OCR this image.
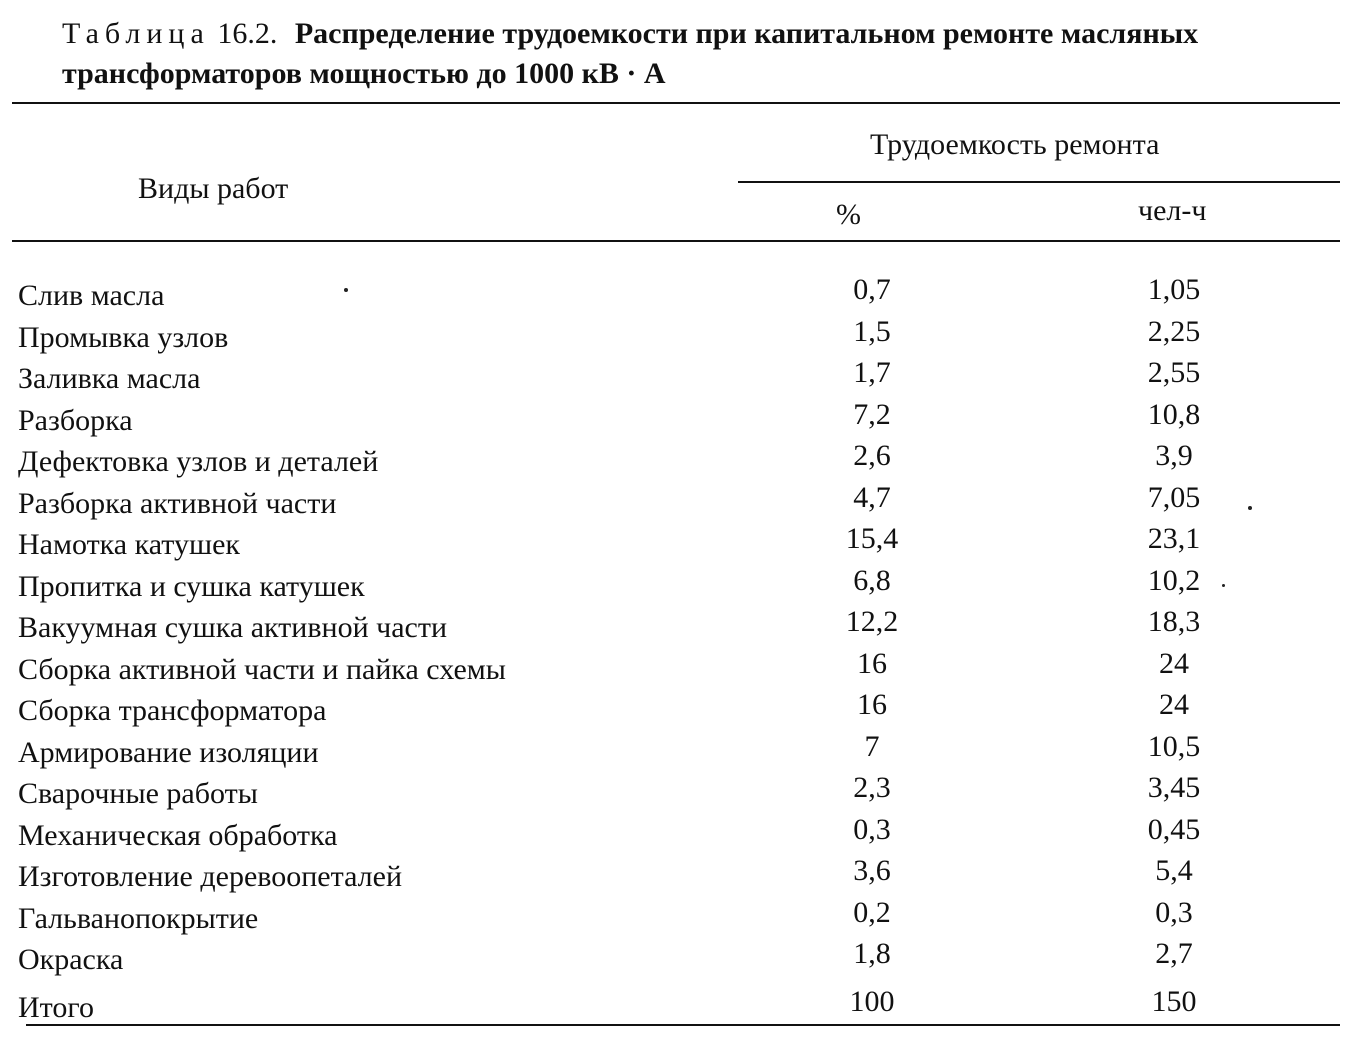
Таблица 16.2. Распределение трудоемкости при капитальном ремонте масляных трансформаторов мощностью до 1000 кВ · А
Виды работ
Трудоемкость ремонта
%	чел-ч
Слив масла	0,7	1,05
Промывка узлов	1,5	2,25
Заливка масла	1,7	2,55
Разборка	7,2	10,8
Дефектовка узлов и деталей	2,6	3,9
Разборка активной части	4,7	7,05
Намотка катушек	15,4	23,1
Пропитка и сушка катушек	6,8	10,2
Вакуумная сушка активной части	12,2	18,3
Сборка активной части и пайка схемы	16	24
Сборка трансформатора	16	24
Армирование изоляции	7	10,5
Сварочные работы	2,3	3,45
Механическая обработка	0,3	0,45
Изготовление деревоопеталей	3,6	5,4
Гальванопокрытие	0,2	0,3
Окраска	1,8	2,7
Итого	100	150
